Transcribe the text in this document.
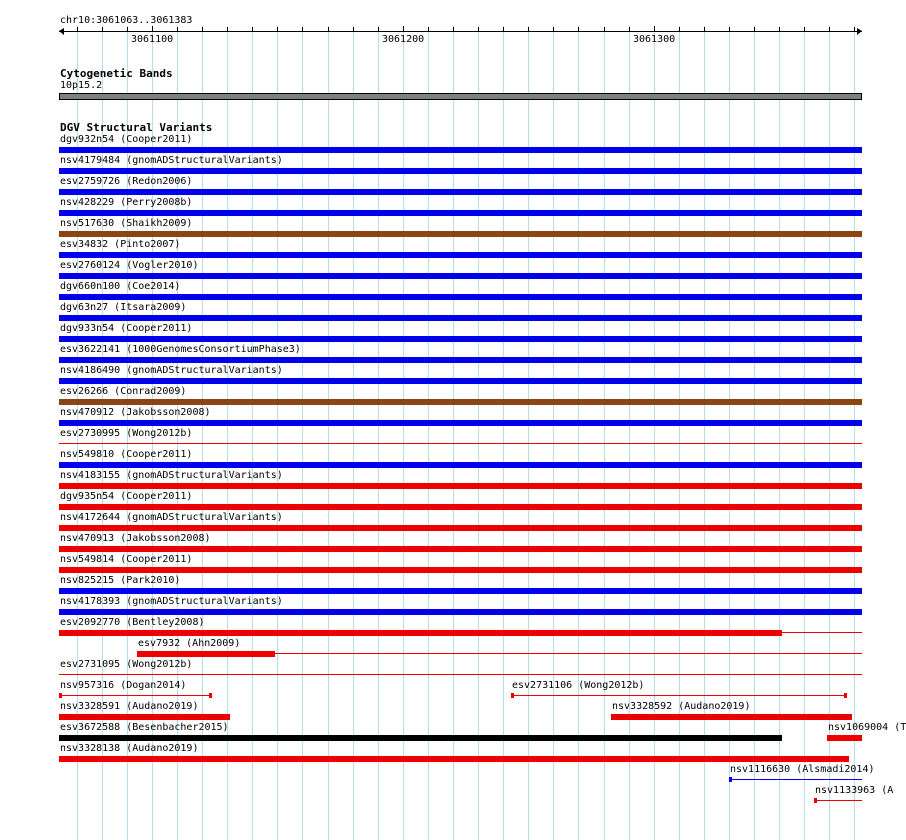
chr10:3061063..3061383
3061100	3061200	3061300
Cytogenetic Bands
10p15.2
DGV Structural Variants
dgv932n54 (Cooper2011)
nsv4179484 (gnomADStructuralVariants)
esv2759726 (Redon2006)
nsv428229 (Perry2008b)
nsv517630 (Shaikh2009)
esv34832 (Pinto2007)
esv2760124 (Vogler2010)
dgv660n100 (Coe2014)
dgv63n27 (Itsara2009)
dgv933n54 (Cooper2011)
esv3622141 (1000GenomesConsortiumPhase3)
nsv4186490 (gnomADStructuralVariants)
esv26266 (Conrad2009)
nsv470912 (Jakobsson2008)
esv2730995 (Wong2012b)
nsv549810 (Cooper2011)
nsv4183155 (gnomADStructuralVariants)
dgv935n54 (Cooper2011)
nsv4172644 (gnomADStructuralVariants)
nsv470913 (Jakobsson2008)
nsv549814 (Cooper2011)
nsv825215 (Park2010)
nsv4178393 (gnomADStructuralVariants)
esv2092770 (Bentley2008)
esv7932 (Ahn2009)
esv2731095 (Wong2012b)
nsv957316 (Dogan2014)	esv2731106 (Wong2012b)
nsv3328591 (Audano2019)	nsv3328592 (Audano2019)
esv3672588 (Besenbacher2015)	nsv1069004 (T
nsv3328138 (Audano2019)
nsv1116630 (Alsmadi2014)
nsv1133963 (A
